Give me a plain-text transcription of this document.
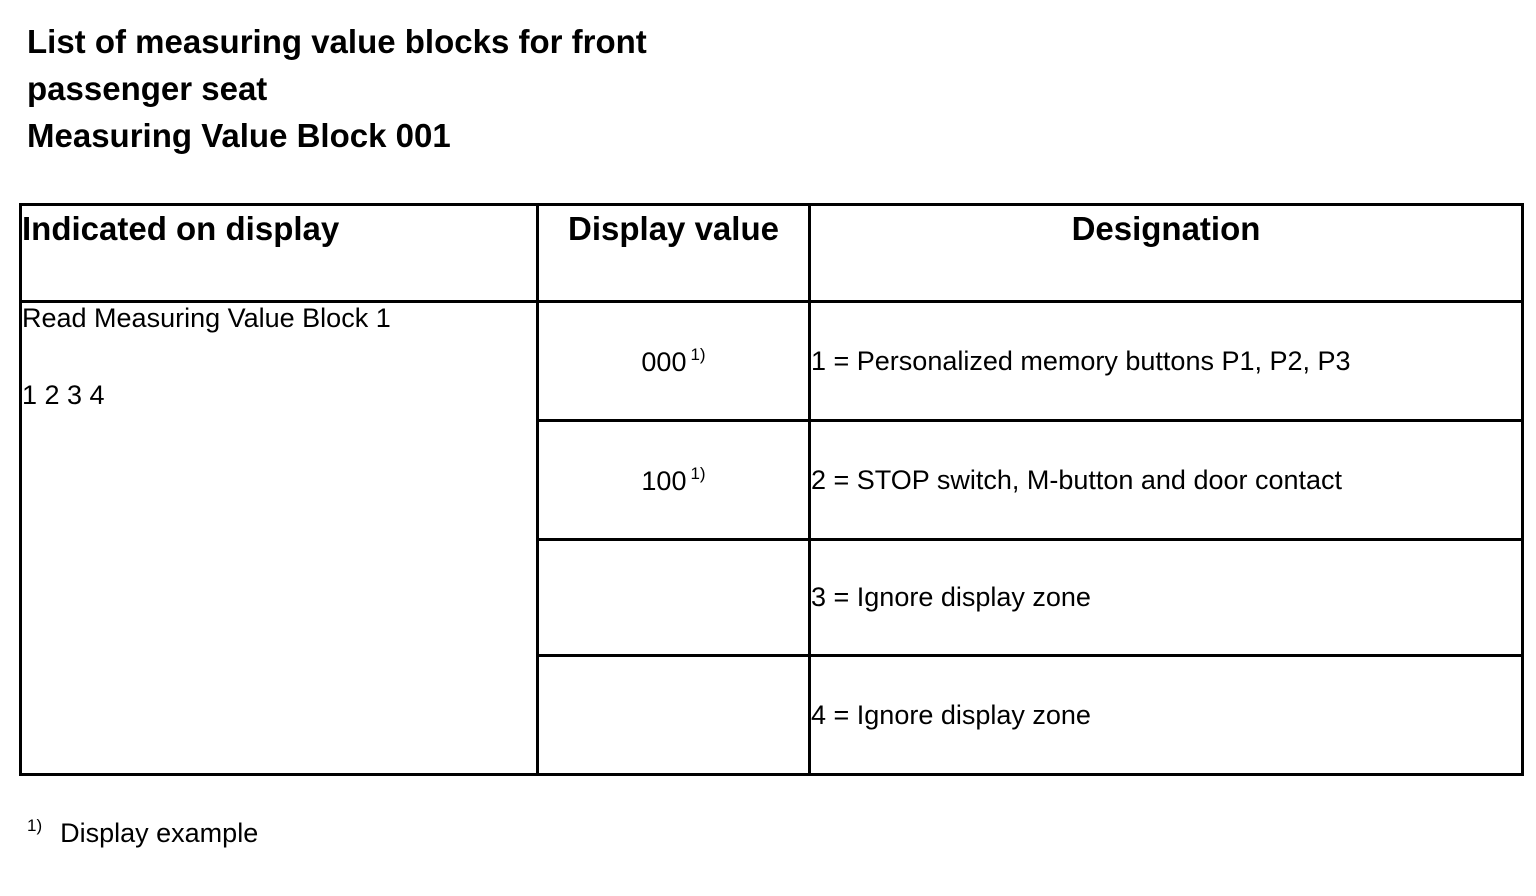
List of measuring value blocks for front
passenger seat
Measuring Value Block 001
Indicated on display	Display value	Designation

Read Measuring Value Block 1
1 2 3 4	000 $^{1)}$	1 = Personalized memory buttons P1, P2, P3
	100 $^{1)}$	2 = STOP switch, M-button and door contact
		3 = Ignore display zone
		4 = Ignore display zone
$^{1)}$ Display example
